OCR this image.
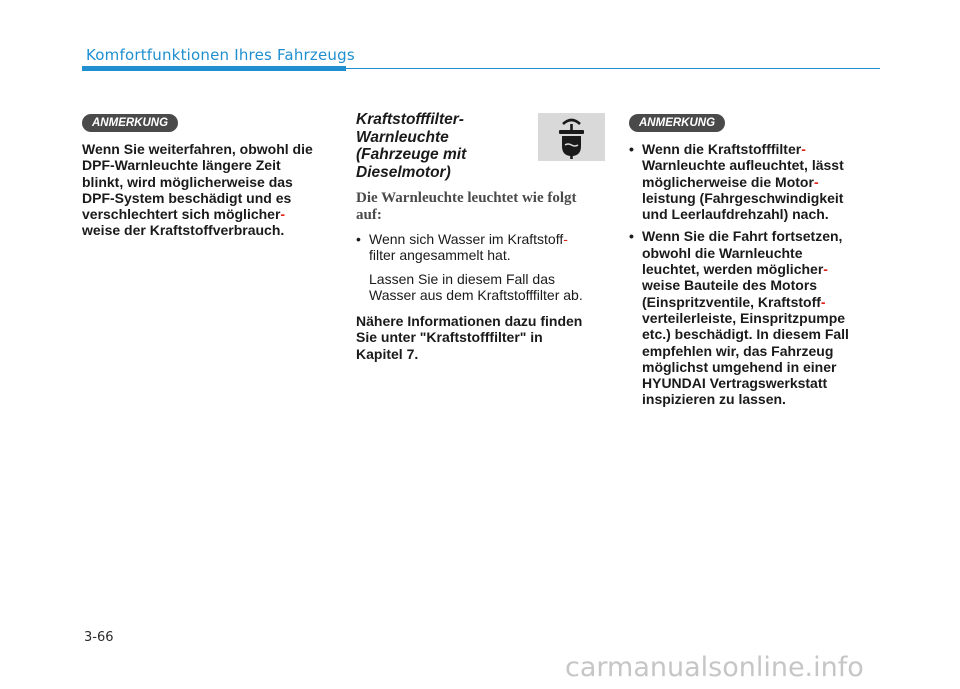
Komfortfunktionen Ihres Fahrzeugs
ANMERKUNG

Wenn Sie weiterfahren, obwohl die

DPF-Warnleuchte längere Zeit

blinkt, wird möglicherweise das

DPF-System beschädigt und es

verschlechtert sich möglicher-

weise der Kraftstoffverbrauch.

Kraftstofffilter-
Warnleuchte
(Fahrzeuge mit
Dieselmotor)
Die Warnleuchte leuchtet wie folgt
auf:
• Wenn sich Wasser im Kraftstoff-

filter angesammelt hat.

Lassen Sie in diesem Fall das

Wasser aus dem Kraftstofffilter ab.

Nähere Informationen dazu finden

Sie unter "Kraftstofffilter" in

Kapitel 7.

ANMERKUNG
• Wenn die Kraftstofffilter-

Warnleuchte aufleuchtet, lässt

möglicherweise die Motor-

leistung (Fahrgeschwindigkeit

und Leerlaufdrehzahl) nach.

• Wenn Sie die Fahrt fortsetzen,

obwohl die Warnleuchte

leuchtet, werden möglicher-

weise Bauteile des Motors

(Einspritzventile, Kraftstoff-

verteilerleiste, Einspritzpumpe

etc.) beschädigt. In diesem Fall

empfehlen wir, das Fahrzeug

möglichst umgehend in einer

HYUNDAI Vertragswerkstatt

inspizieren zu lassen.

3-66
carmanualsonline.info
